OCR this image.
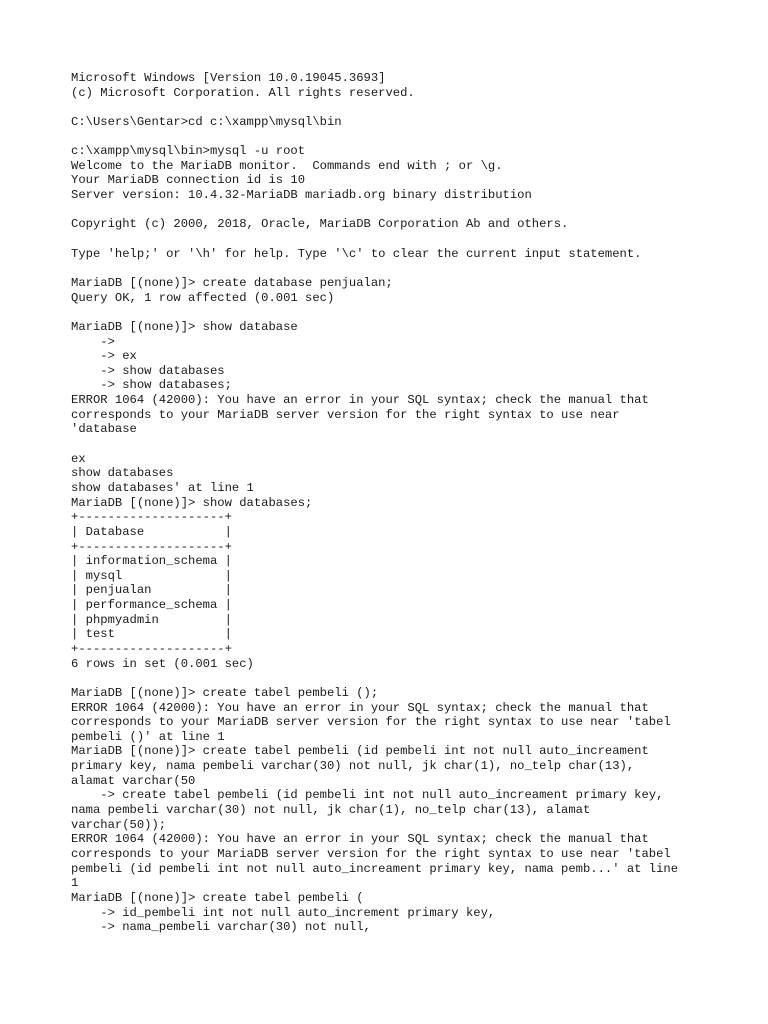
Microsoft Windows [Version 10.0.19045.3693]
(c) Microsoft Corporation. All rights reserved.
C:\Users\Gentar>cd c:\xampp\mysql\bin
c:\xampp\mysql\bin>mysql -u root
Welcome to the MariaDB monitor.  Commands end with ; or \g.
Your MariaDB connection id is 10
Server version: 10.4.32-MariaDB mariadb.org binary distribution
Copyright (c) 2000, 2018, Oracle, MariaDB Corporation Ab and others.
Type 'help;' or '\h' for help. Type '\c' to clear the current input statement.
MariaDB [(none)]> create database penjualan;
Query OK, 1 row affected (0.001 sec)
MariaDB [(none)]> show database
->
-> ex
-> show databases
-> show databases;
ERROR 1064 (42000): You have an error in your SQL syntax; check the manual that
corresponds to your MariaDB server version for the right syntax to use near
'database
ex
show databases
show databases' at line 1
MariaDB [(none)]> show databases;
+--------------------+
| Database           |
+--------------------+
| information_schema |
| mysql              |
| penjualan          |
| performance_schema |
| phpmyadmin         |
| test               |
+--------------------+
6 rows in set (0.001 sec)
MariaDB [(none)]> create tabel pembeli ();
ERROR 1064 (42000): You have an error in your SQL syntax; check the manual that
corresponds to your MariaDB server version for the right syntax to use near 'tabel
pembeli ()' at line 1
MariaDB [(none)]> create tabel pembeli (id pembeli int not null auto_increament
primary key, nama pembeli varchar(30) not null, jk char(1), no_telp char(13),
alamat varchar(50
-> create tabel pembeli (id pembeli int not null auto_increament primary key,
nama pembeli varchar(30) not null, jk char(1), no_telp char(13), alamat
varchar(50));
ERROR 1064 (42000): You have an error in your SQL syntax; check the manual that
corresponds to your MariaDB server version for the right syntax to use near 'tabel
pembeli (id pembeli int not null auto_increament primary key, nama pemb...' at line
1
MariaDB [(none)]> create tabel pembeli (
-> id_pembeli int not null auto_increment primary key,
-> nama_pembeli varchar(30) not null,
